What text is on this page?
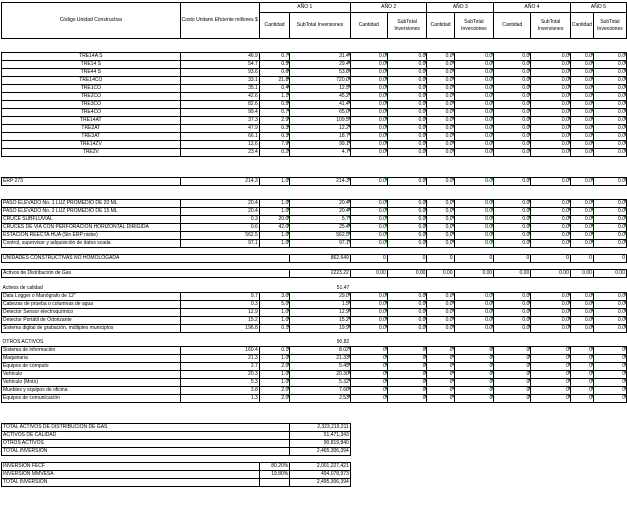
Código Unidad Constructiva	Costo Unitario Eficiente millones $	AÑO 1		AÑO 2		AÑO 3		AÑO 4		AÑO 5	
		Cantidad	SubTotal Inversiones	Cantidad	SubTotal Inversiones	Cantidad	SubTotal Inversiones	Cantidad	SubTotal Inversiones	Cantidad	SubTotal Inversiones

TRE14A S	46.9	0.7	31.4	0.0	0.0	0.0	0.0	0.0	0.0	0.0	0.0
TRE14 S	54.7	0.5	29.4	0.0	0.0	0.0	0.0	0.0	0.0	0.0	0.0
TRE44 S	93.6	0.6	53.8	0.0	0.0	0.0	0.0	0.0	0.0	0.0	0.0
TRE14CO	33.1	21.8	720.0	0.0	0.0	0.0	0.0	0.0	0.0	0.0	0.0
TRE1CO	35.1	0.4	12.5	0.0	0.0	0.0	0.0	0.0	0.0	0.0	0.0
TRE2CO	42.6	1.1	45.2	0.0	0.0	0.0	0.0	0.0	0.0	0.0	0.0
TRE3CO	82.6	0.5	41.4	0.0	0.0	0.0	0.0	0.0	0.0	0.0	0.0
TRE4CO	99.4	0.7	65.0	0.0	0.0	0.0	0.0	0.0	0.0	0.0	0.0
TRE14AT	37.3	2.9	109.5	0.0	0.0	0.0	0.0	0.0	0.0	0.0	0.0
TRE2AT	47.9	0.3	12.2	0.0	0.0	0.0	0.0	0.0	0.0	0.0	0.0
TRE3AT	66.1	0.3	18.7	0.0	0.0	0.0	0.0	0.0	0.0	0.0	0.0
TRE14ZV	12.6	7.9	99.1	0.0	0.0	0.0	0.0	0.0	0.0	0.0	0.0
TRE2V	23.4	0.2	4.7	0.0	0.0	0.0	0.0	0.0	0.0	0.0	0.0

ERP 273	214.3	1.0	214.3	0.0	0.0	0.0	0.0	0.0	0.0	0.0	0.0

PASO ELEVADO No. 1 LUZ PROMEDIO DE 20 ML	20.4	1.0	20.4	0.0	0.0	0.0	0.0	0.0	0.0	0.0	0.0
PASO ELEVADO No. 2 LUZ PROMEDIO DE 15 ML	20.4	1.0	20.4	0.0	0.0	0.0	0.0	0.0	0.0	0.0	0.0
CRUCE SUBFLUVIAL	0.3	20.0	5.7	0.0	0.0	0.0	0.0	0.0	0.0	0.0	0.0
CRUCES DE VIA CON PERFORACION HORIZONTAL DIRIGIDA	0.6	42.0	25.4	0.0	0.0	0.0	0.0	0.0	0.0	0.0	0.0
ESTACIÓN REECTA HUA (Sin ERP nisbe)	562.5	1.0	562.5	0.0	0.0	0.0	0.0	0.0	0.0	0.0	0.0
Control, supervisor y adquisición de datos scada	97.1	1.0	97.1	0.0	0.0	0.0	0.0	0.0	0.0	0.0	0.0

UNIDADES CONSTRUCTIVAS NO HOMOLOGADA			862.649	0	0	0	0	0	0	0	0

Activos de Distribución de Gas			2223.22	0.00	0.00	0.00	0.00	0.00	0.00	0.00	0.00

Activos de calidad			51.47								
Data Logger o Manógrafo de 12"	9.7	3.0	29.0	0.0	0.0	0.0	0.0	0.0	0.0	0.0	0.0
Cabezas de prueba o columnas de agua	0.3	5.0	1.5	0.0	0.0	0.0	0.0	0.0	0.0	0.0	0.0
Detector Sensor electroquímico	12.9	1.0	12.9	0.0	0.0	0.0	0.0	0.0	0.0	0.0	0.0
Detector Portátil de Odorizante	15.2	1.0	15.2	0.0	0.0	0.0	0.0	0.0	0.0	0.0	0.0
Sistema digital de grabación, múltiples municipios	196.8	0.1	19.9	0.0	0.0	0.0	0.0	0.0	0.0	0.0	0.0

OTROS ACTIVOS			90.82								
Sistema de información	160.4	0.1	8.02	0	0	0	0	0	0	0	0
Maquinaria	21.3	1.0	21.33	0	0	0	0	0	0	0	0
Equipos de cómputo	2.7	2.0	5.45	0	0	0	0	0	0	0	0
Vehículo	20.3	1.0	20.30	0	0	0	0	0	0	0	0
Vehículo (Moto)	5.3	1.0	5.32	0	0	0	0	0	0	0	0
Muebles y equipos de oficina	3.8	2.0	7.66	0	0	0	0	0	0	0	0
Equipos de comunicación	1.3	2.0	2.53	0	0	0	0	0	0	0	0

TOTAL ACTIVOS DE DISTRIBUCIÓN DE GAS			2,323,215,211								
ACTIVOS DE CALIDAD			51,471,343								
OTROS ACTIVOS			90,819,840								
TOTAL INVERSIÓN			2,465,306,394								

INVERSIÓN FECF		80.20%	2,001,227,421								
INVERSIÓN MMVESA		19.80%	494,078,973								
TOTAL INVERSIÓN			2,495,306,394								
